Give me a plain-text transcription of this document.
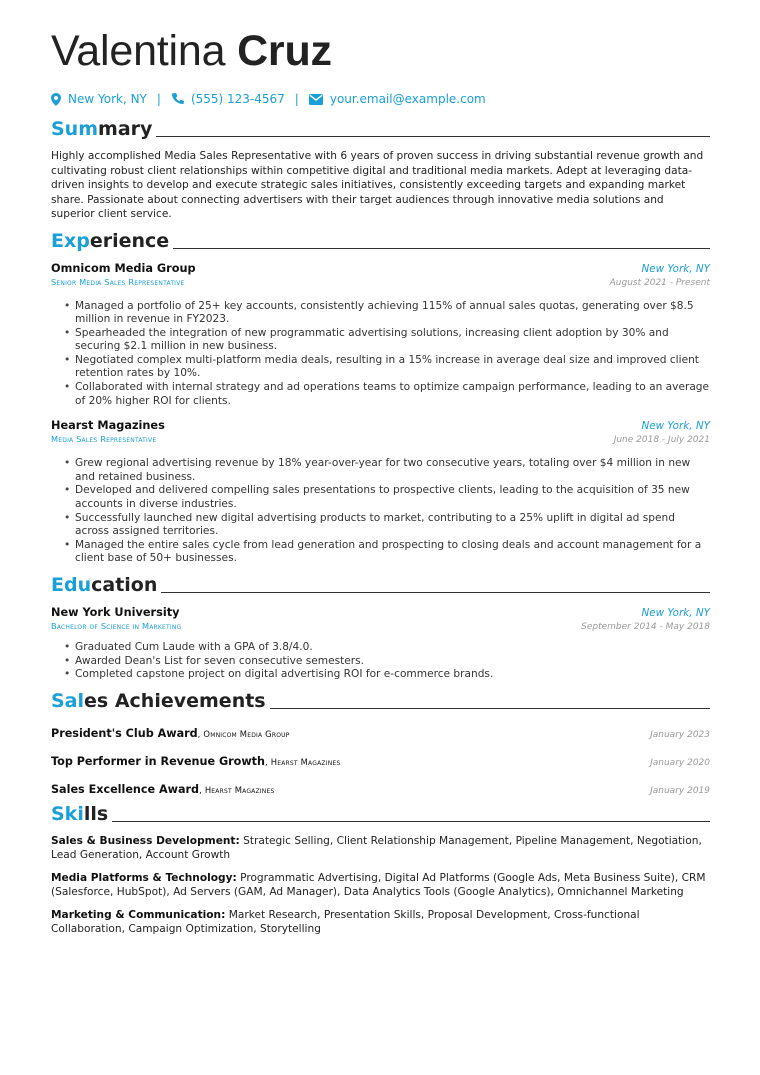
Valentina Cruz
New York, NY |	(555) 123-4567 |	your.email@example.com
Summary
Highly accomplished Media Sales Representative with 6 years of proven success in driving substantial revenue growth and cultivating robust client relationships within competitive digital and traditional media markets. Adept at leveraging data-driven insights to develop and execute strategic sales initiatives, consistently exceeding targets and expanding market share. Passionate about connecting advertisers with their target audiences through innovative media solutions and superior client service.
Experience
Omnicom Media Group	New York, NY
Senior Media Sales Representative	August 2021 - Present
• Managed a portfolio of 25+ key accounts, consistently achieving 115% of annual sales quotas, generating over $8.5 million in revenue in FY2023.
• Spearheaded the integration of new programmatic advertising solutions, increasing client adoption by 30% and securing $2.1 million in new business.
• Negotiated complex multi-platform media deals, resulting in a 15% increase in average deal size and improved client retention rates by 10%.
• Collaborated with internal strategy and ad operations teams to optimize campaign performance, leading to an average of 20% higher ROI for clients.
Hearst Magazines	New York, NY
Media Sales Representative	June 2018 - July 2021
• Grew regional advertising revenue by 18% year-over-year for two consecutive years, totaling over $4 million in new and retained business.
• Developed and delivered compelling sales presentations to prospective clients, leading to the acquisition of 35 new accounts in diverse industries.
• Successfully launched new digital advertising products to market, contributing to a 25% uplift in digital ad spend across assigned territories.
• Managed the entire sales cycle from lead generation and prospecting to closing deals and account management for a client base of 50+ businesses.
Education
New York University	New York, NY
Bachelor of Science in Marketing	September 2014 - May 2018
• Graduated Cum Laude with a GPA of 3.8/4.0.
• Awarded Dean's List for seven consecutive semesters.
• Completed capstone project on digital advertising ROI for e-commerce brands.
Sales Achievements
President's Club Award, Omnicom Media Group	January 2023
Top Performer in Revenue Growth, Hearst Magazines	January 2020
Sales Excellence Award, Hearst Magazines	January 2019
Skills
Sales & Business Development: Strategic Selling, Client Relationship Management, Pipeline Management, Negotiation, Lead Generation, Account Growth
Media Platforms & Technology: Programmatic Advertising, Digital Ad Platforms (Google Ads, Meta Business Suite), CRM (Salesforce, HubSpot), Ad Servers (GAM, Ad Manager), Data Analytics Tools (Google Analytics), Omnichannel Marketing
Marketing & Communication: Market Research, Presentation Skills, Proposal Development, Cross-functional Collaboration, Campaign Optimization, Storytelling
